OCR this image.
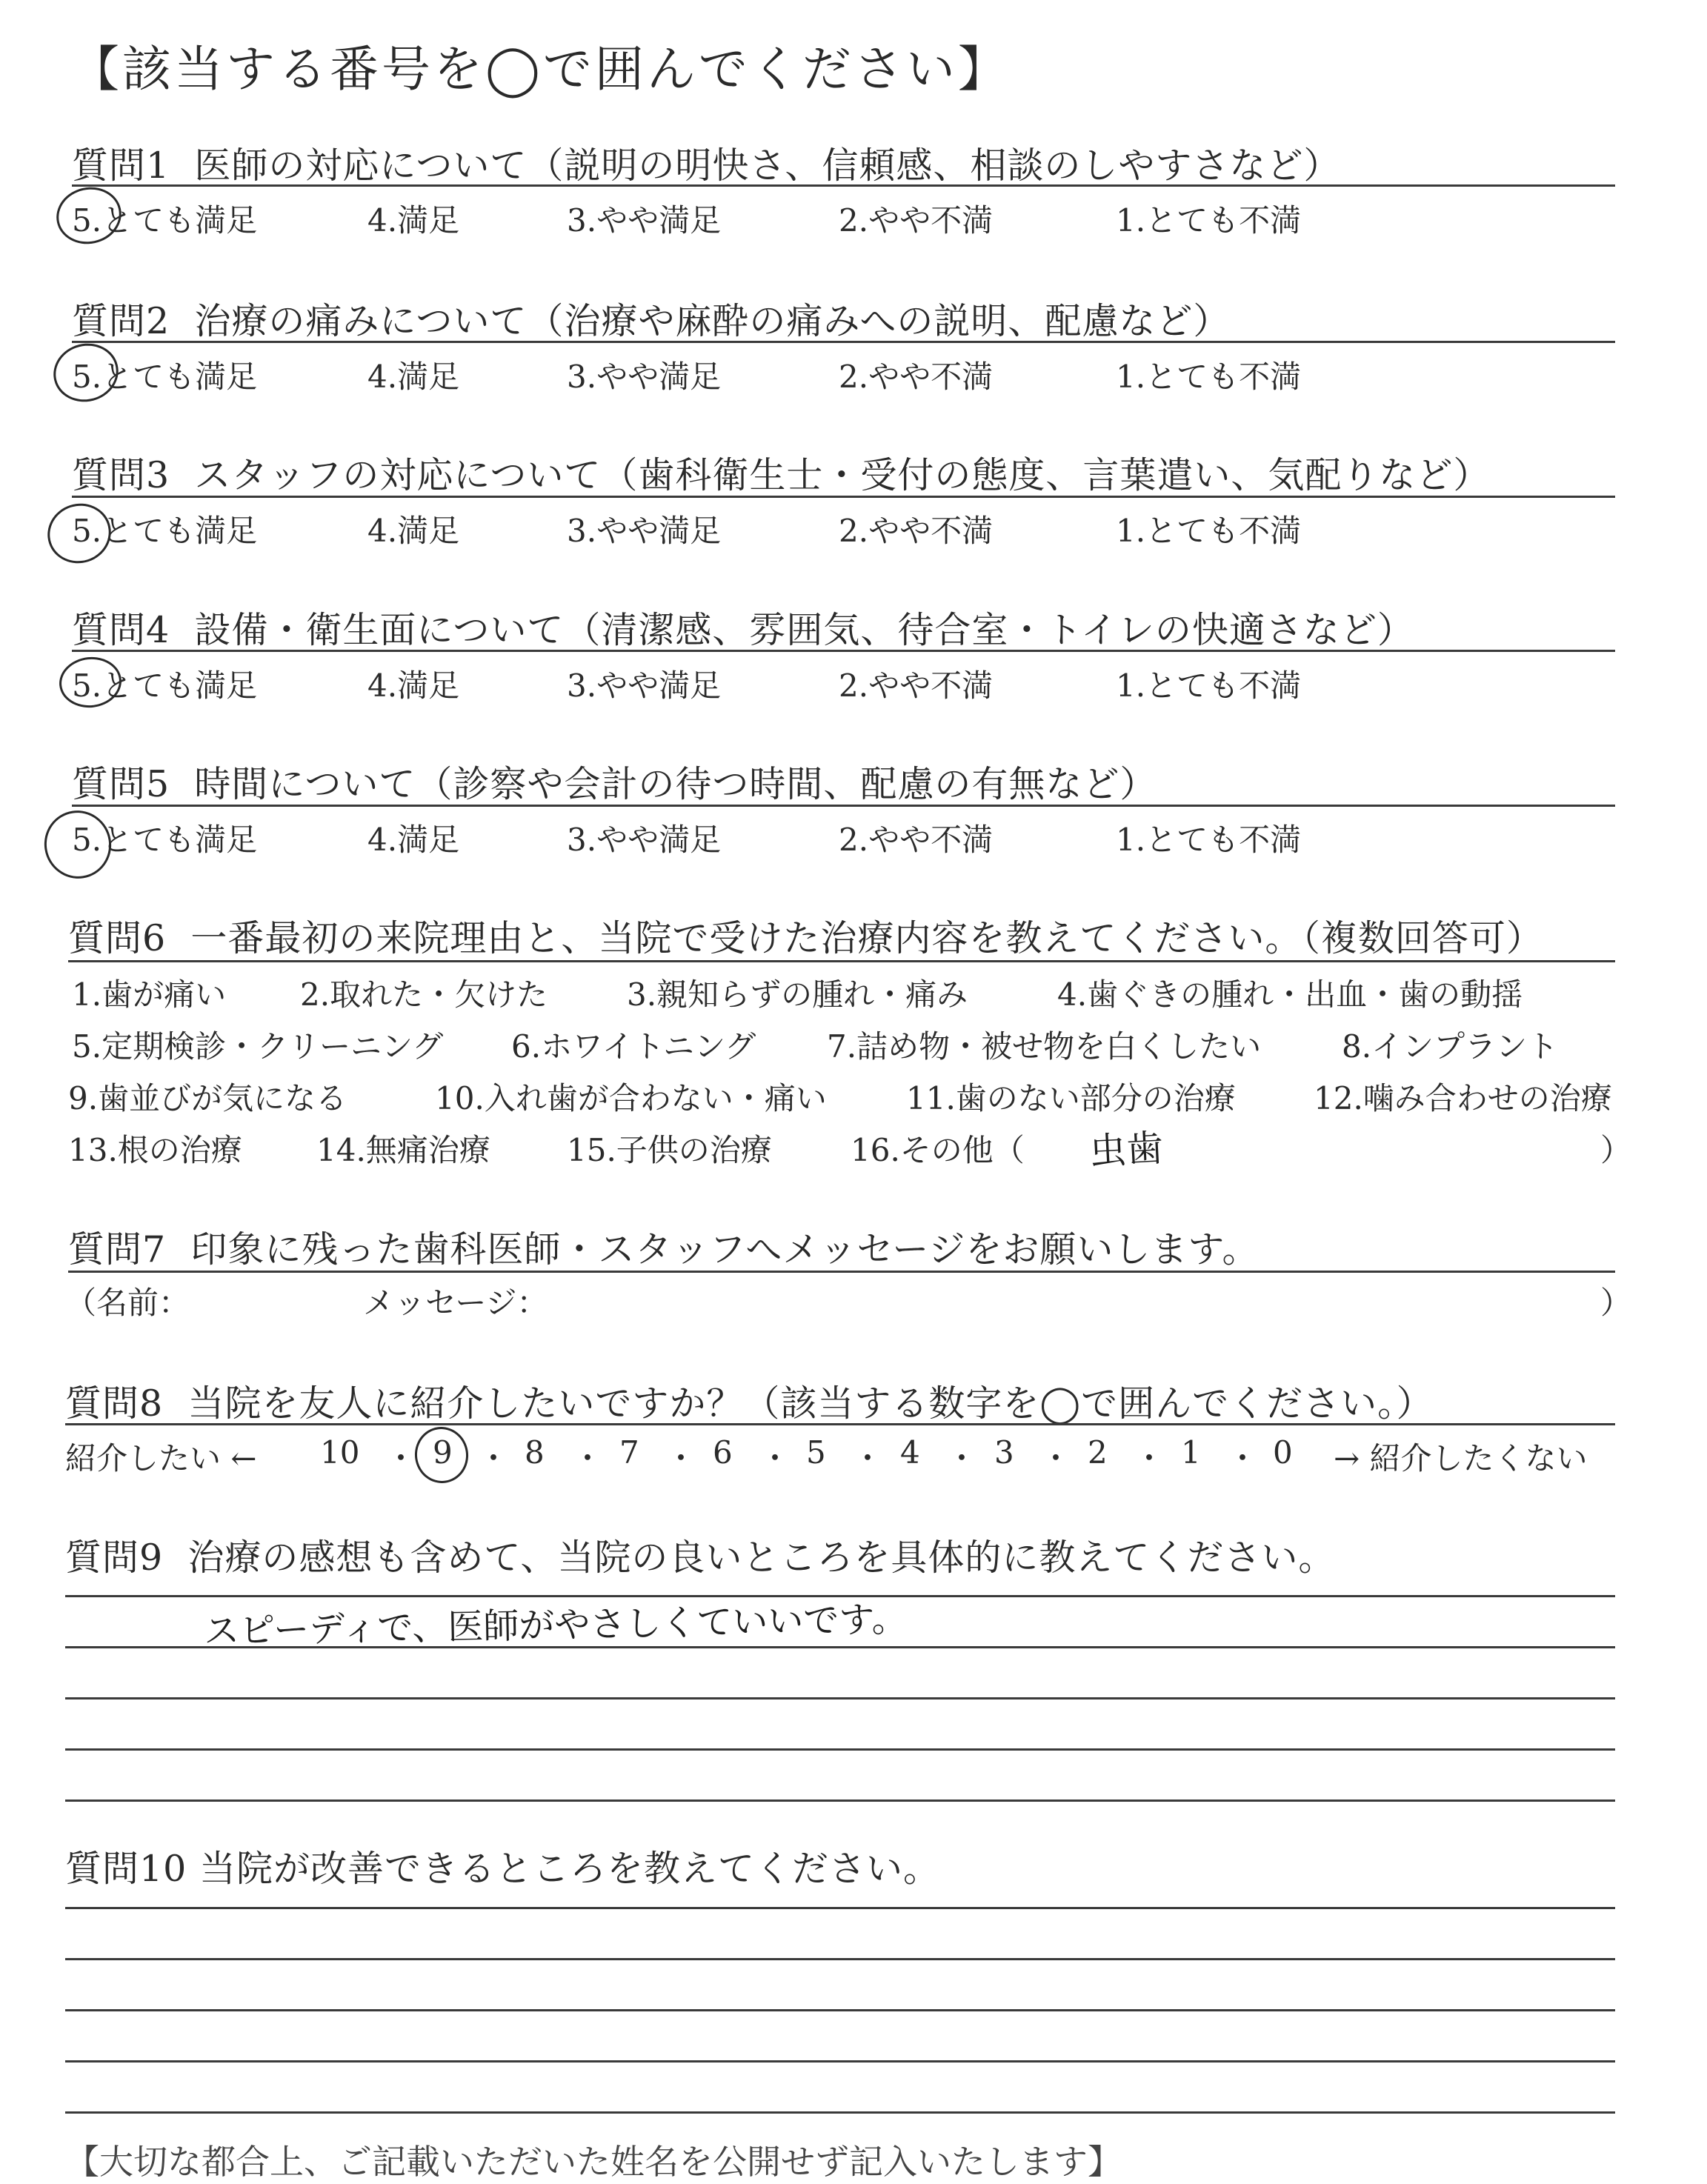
【該当する番号を◯で囲んでください】
質問1 医師の対応について（説明の明快さ、信頼感、相談のしやすさなど）
5.とても満足	4.満足	3.やや満足	2.やや不満	1.とても不満
質問2 治療の痛みについて（治療や麻酔の痛みへの説明、配慮など）
5.とても満足	4.満足	3.やや満足	2.やや不満	1.とても不満
質問3 スタッフの対応について（歯科衛生士・受付の態度、言葉遣い、気配りなど）
5.とても満足	4.満足	3.やや満足	2.やや不満	1.とても不満
質問4 設備・衛生面について（清潔感、雰囲気、待合室・トイレの快適さなど）
5.とても満足	4.満足	3.やや満足	2.やや不満	1.とても不満
質問5 時間について（診察や会計の待つ時間、配慮の有無など）
5.とても満足	4.満足	3.やや満足	2.やや不満	1.とても不満
質問6 一番最初の来院理由と、当院で受けた治療内容を教えてください。（複数回答可）
1.歯が痛い 2.取れた・欠けた	3.親知らずの腫れ・痛み	4.歯ぐきの腫れ・出血・歯の動揺
5.定期検診・クリーニング 6.ホワイトニング 7.詰め物・被せ物を白くしたい	8.インプラント
9.歯並びが気になる	10.入れ歯が合わない・痛い	11.歯のない部分の治療	12.噛み合わせの治療
13.根の治療 14.無痛治療 15.子供の治療	16.その他（ 虫歯	）
質問7 印象に残った歯科医師・スタッフへメッセージをお願いします。
（名前：	メッセージ：	）
質問8 当院を友人に紹介したいですか？（該当する数字を◯で囲んでください。）
紹介したい ←	→ 紹介したくない
10 ・ 9 ・ 8 ・ 7 ・ 6 ・ 5 ・ 4 ・ 3 ・ 2 ・ 1 ・ 0
質問9 治療の感想も含めて、当院の良いところを具体的に教えてください。
スピーディで、医師がやさしくていいです。
質問10 当院が改善できるところを教えてください。
【大切な都合上、ご記載いただいた姓名を公開せず記入いたします】
